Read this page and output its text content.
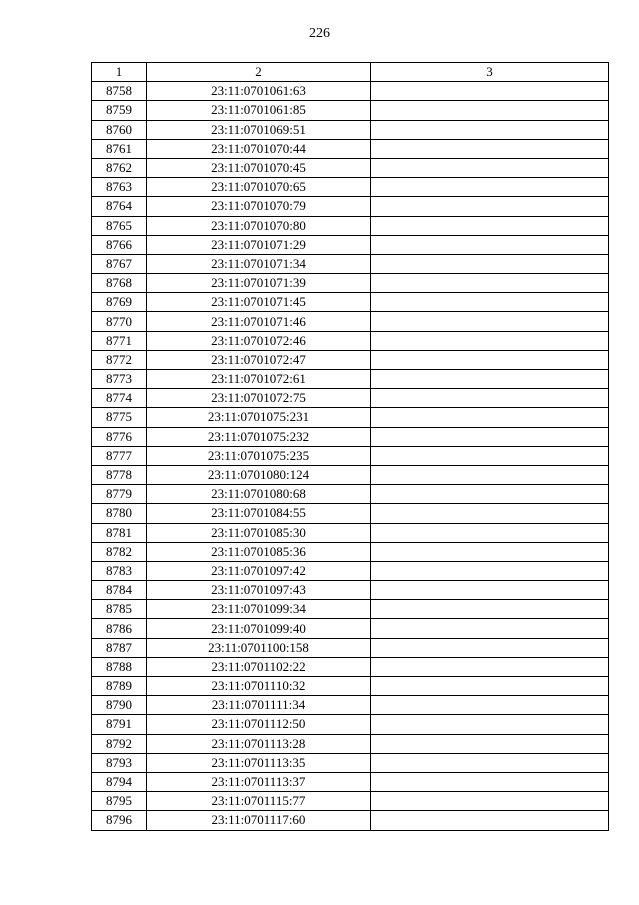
226
1	2	3
8758	23:11:0701061:63	
8759	23:11:0701061:85	
8760	23:11:0701069:51	
8761	23:11:0701070:44	
8762	23:11:0701070:45	
8763	23:11:0701070:65	
8764	23:11:0701070:79	
8765	23:11:0701070:80	
8766	23:11:0701071:29	
8767	23:11:0701071:34	
8768	23:11:0701071:39	
8769	23:11:0701071:45	
8770	23:11:0701071:46	
8771	23:11:0701072:46	
8772	23:11:0701072:47	
8773	23:11:0701072:61	
8774	23:11:0701072:75	
8775	23:11:0701075:231	
8776	23:11:0701075:232	
8777	23:11:0701075:235	
8778	23:11:0701080:124	
8779	23:11:0701080:68	
8780	23:11:0701084:55	
8781	23:11:0701085:30	
8782	23:11:0701085:36	
8783	23:11:0701097:42	
8784	23:11:0701097:43	
8785	23:11:0701099:34	
8786	23:11:0701099:40	
8787	23:11:0701100:158	
8788	23:11:0701102:22	
8789	23:11:0701110:32	
8790	23:11:0701111:34	
8791	23:11:0701112:50	
8792	23:11:0701113:28	
8793	23:11:0701113:35	
8794	23:11:0701113:37	
8795	23:11:0701115:77	
8796	23:11:0701117:60	
